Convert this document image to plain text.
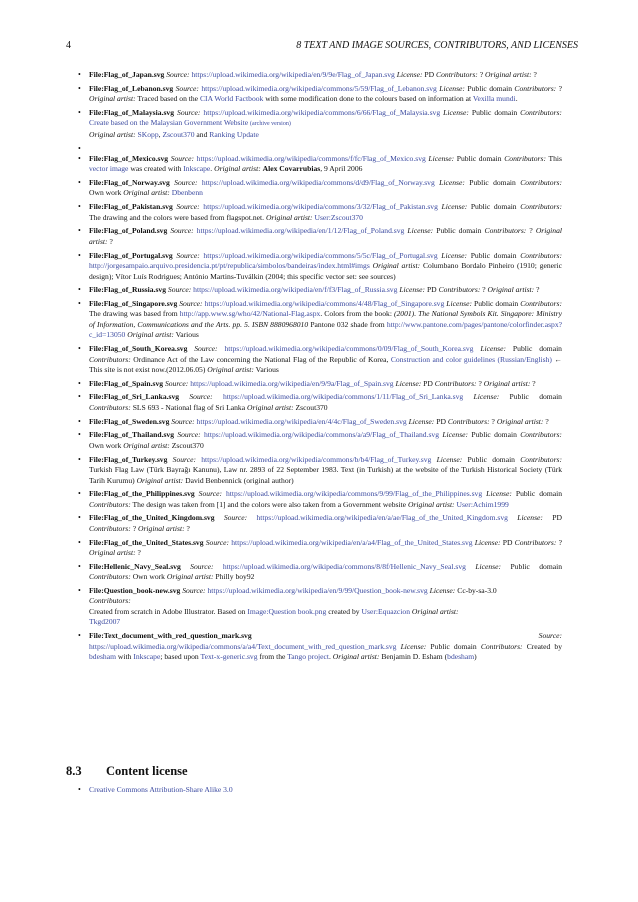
4	8 TEXT AND IMAGE SOURCES, CONTRIBUTORS, AND LICENSES
• File:Flag_of_Japan.svg Source: https://upload.wikimedia.org/wikipedia/en/9/9e/Flag_of_Japan.svg License: PD Contributors: ? Original artist: ?
• File:Flag_of_Lebanon.svg Source: https://upload.wikimedia.org/wikipedia/commons/5/59/Flag_of_Lebanon.svg License: Public domain Contributors: ? Original artist: Traced based on the CIA World Factbook with some modification done to the colours based on information at Vexilla mundi.
• File:Flag_of_Malaysia.svg Source: https://upload.wikimedia.org/wikipedia/commons/6/66/Flag_of_Malaysia.svg License: Public domain Contributors: Create based on the Malaysian Government Website (archive version)
Original artist: SKopp, Zscout370 and Ranking Update
•
• File:Flag_of_Mexico.svg Source: https://upload.wikimedia.org/wikipedia/commons/f/fc/Flag_of_Mexico.svg License: Public domain Contributors: This vector image was created with Inkscape. Original artist: Alex Covarrubias, 9 April 2006
• File:Flag_of_Norway.svg Source: https://upload.wikimedia.org/wikipedia/commons/d/d9/Flag_of_Norway.svg License: Public domain Contributors: Own work Original artist: Dbenbenn
• File:Flag_of_Pakistan.svg Source: https://upload.wikimedia.org/wikipedia/commons/3/32/Flag_of_Pakistan.svg License: Public domain Contributors: The drawing and the colors were based from flagspot.net. Original artist: User:Zscout370
• File:Flag_of_Poland.svg Source: https://upload.wikimedia.org/wikipedia/en/1/12/Flag_of_Poland.svg License: Public domain Contributors: ? Original artist: ?
• File:Flag_of_Portugal.svg Source: https://upload.wikimedia.org/wikipedia/commons/5/5c/Flag_of_Portugal.svg License: Public domain Contributors: http://jorgesampaio.arquivo.presidencia.pt/pt/republica/simbolos/bandeiras/index.html#imgs Original artist: Columbano Bordalo Pinheiro (1910; generic design); Vítor Luís Rodrigues; António Martins-Tuválkin (2004; this specific vector set: see sources)
• File:Flag_of_Russia.svg Source: https://upload.wikimedia.org/wikipedia/en/f/f3/Flag_of_Russia.svg License: PD Contributors: ? Original artist: ?
• File:Flag_of_Singapore.svg Source: https://upload.wikimedia.org/wikipedia/commons/4/48/Flag_of_Singapore.svg License: Public domain Contributors: The drawing was based from http://app.www.sg/who/42/National-Flag.aspx. Colors from the book: (2001). The National Symbols Kit. Singapore: Ministry of Information, Communications and the Arts. pp. 5. ISBN 8880968010 Pantone 032 shade from http://www.pantone.com/pages/pantone/colorfinder.aspx?c_id=13050 Original artist: Various
• File:Flag_of_South_Korea.svg Source: https://upload.wikimedia.org/wikipedia/commons/0/09/Flag_of_South_Korea.svg License: Public domain Contributors: Ordinance Act of the Law concerning the National Flag of the Republic of Korea, Construction and color guidelines (Russian/English) ← This site is not exist now.(2012.06.05) Original artist: Various
• File:Flag_of_Spain.svg Source: https://upload.wikimedia.org/wikipedia/en/9/9a/Flag_of_Spain.svg License: PD Contributors: ? Original artist: ?
• File:Flag_of_Sri_Lanka.svg Source: https://upload.wikimedia.org/wikipedia/commons/1/11/Flag_of_Sri_Lanka.svg License: Public domain Contributors: SLS 693 - National flag of Sri Lanka Original artist: Zscout370
• File:Flag_of_Sweden.svg Source: https://upload.wikimedia.org/wikipedia/en/4/4c/Flag_of_Sweden.svg License: PD Contributors: ? Original artist: ?
• File:Flag_of_Thailand.svg Source: https://upload.wikimedia.org/wikipedia/commons/a/a9/Flag_of_Thailand.svg License: Public domain Contributors: Own work Original artist: Zscout370
• File:Flag_of_Turkey.svg Source: https://upload.wikimedia.org/wikipedia/commons/b/b4/Flag_of_Turkey.svg License: Public domain Contributors: Turkish Flag Law (Türk Bayrağı Kanunu), Law nr. 2893 of 22 September 1983. Text (in Turkish) at the website of the Turkish Historical Society (Türk Tarih Kurumu) Original artist: David Benbennick (original author)
• File:Flag_of_the_Philippines.svg Source: https://upload.wikimedia.org/wikipedia/commons/9/99/Flag_of_the_Philippines.svg License: Public domain Contributors: The design was taken from [1] and the colors were also taken from a Government website Original artist: User:Achim1999
• File:Flag_of_the_United_Kingdom.svg Source: https://upload.wikimedia.org/wikipedia/en/a/ae/Flag_of_the_United_Kingdom.svg License: PD Contributors: ? Original artist: ?
• File:Flag_of_the_United_States.svg Source: https://upload.wikimedia.org/wikipedia/en/a/a4/Flag_of_the_United_States.svg License: PD Contributors: ? Original artist: ?
• File:Hellenic_Navy_Seal.svg Source: https://upload.wikimedia.org/wikipedia/commons/8/8f/Hellenic_Navy_Seal.svg License: Public domain Contributors: Own work Original artist: Philly boy92
• File:Question_book-new.svg Source: https://upload.wikimedia.org/wikipedia/en/9/99/Question_book-new.svg License: Cc-by-sa-3.0
Contributors:
Created from scratch in Adobe Illustrator. Based on Image:Question book.png created by User:Equazcion Original artist:
Tkgd2007
• File:Text_document_with_red_question_mark.svg	Source: https://upload.wikimedia.org/wikipedia/commons/a/a4/Text_document_with_red_question_mark.svg License: Public domain Contributors: Created by bdesham with Inkscape; based upon Text-x-generic.svg from the Tango project. Original artist: Benjamin D. Esham (bdesham)
8.3 Content license
• Creative Commons Attribution-Share Alike 3.0
